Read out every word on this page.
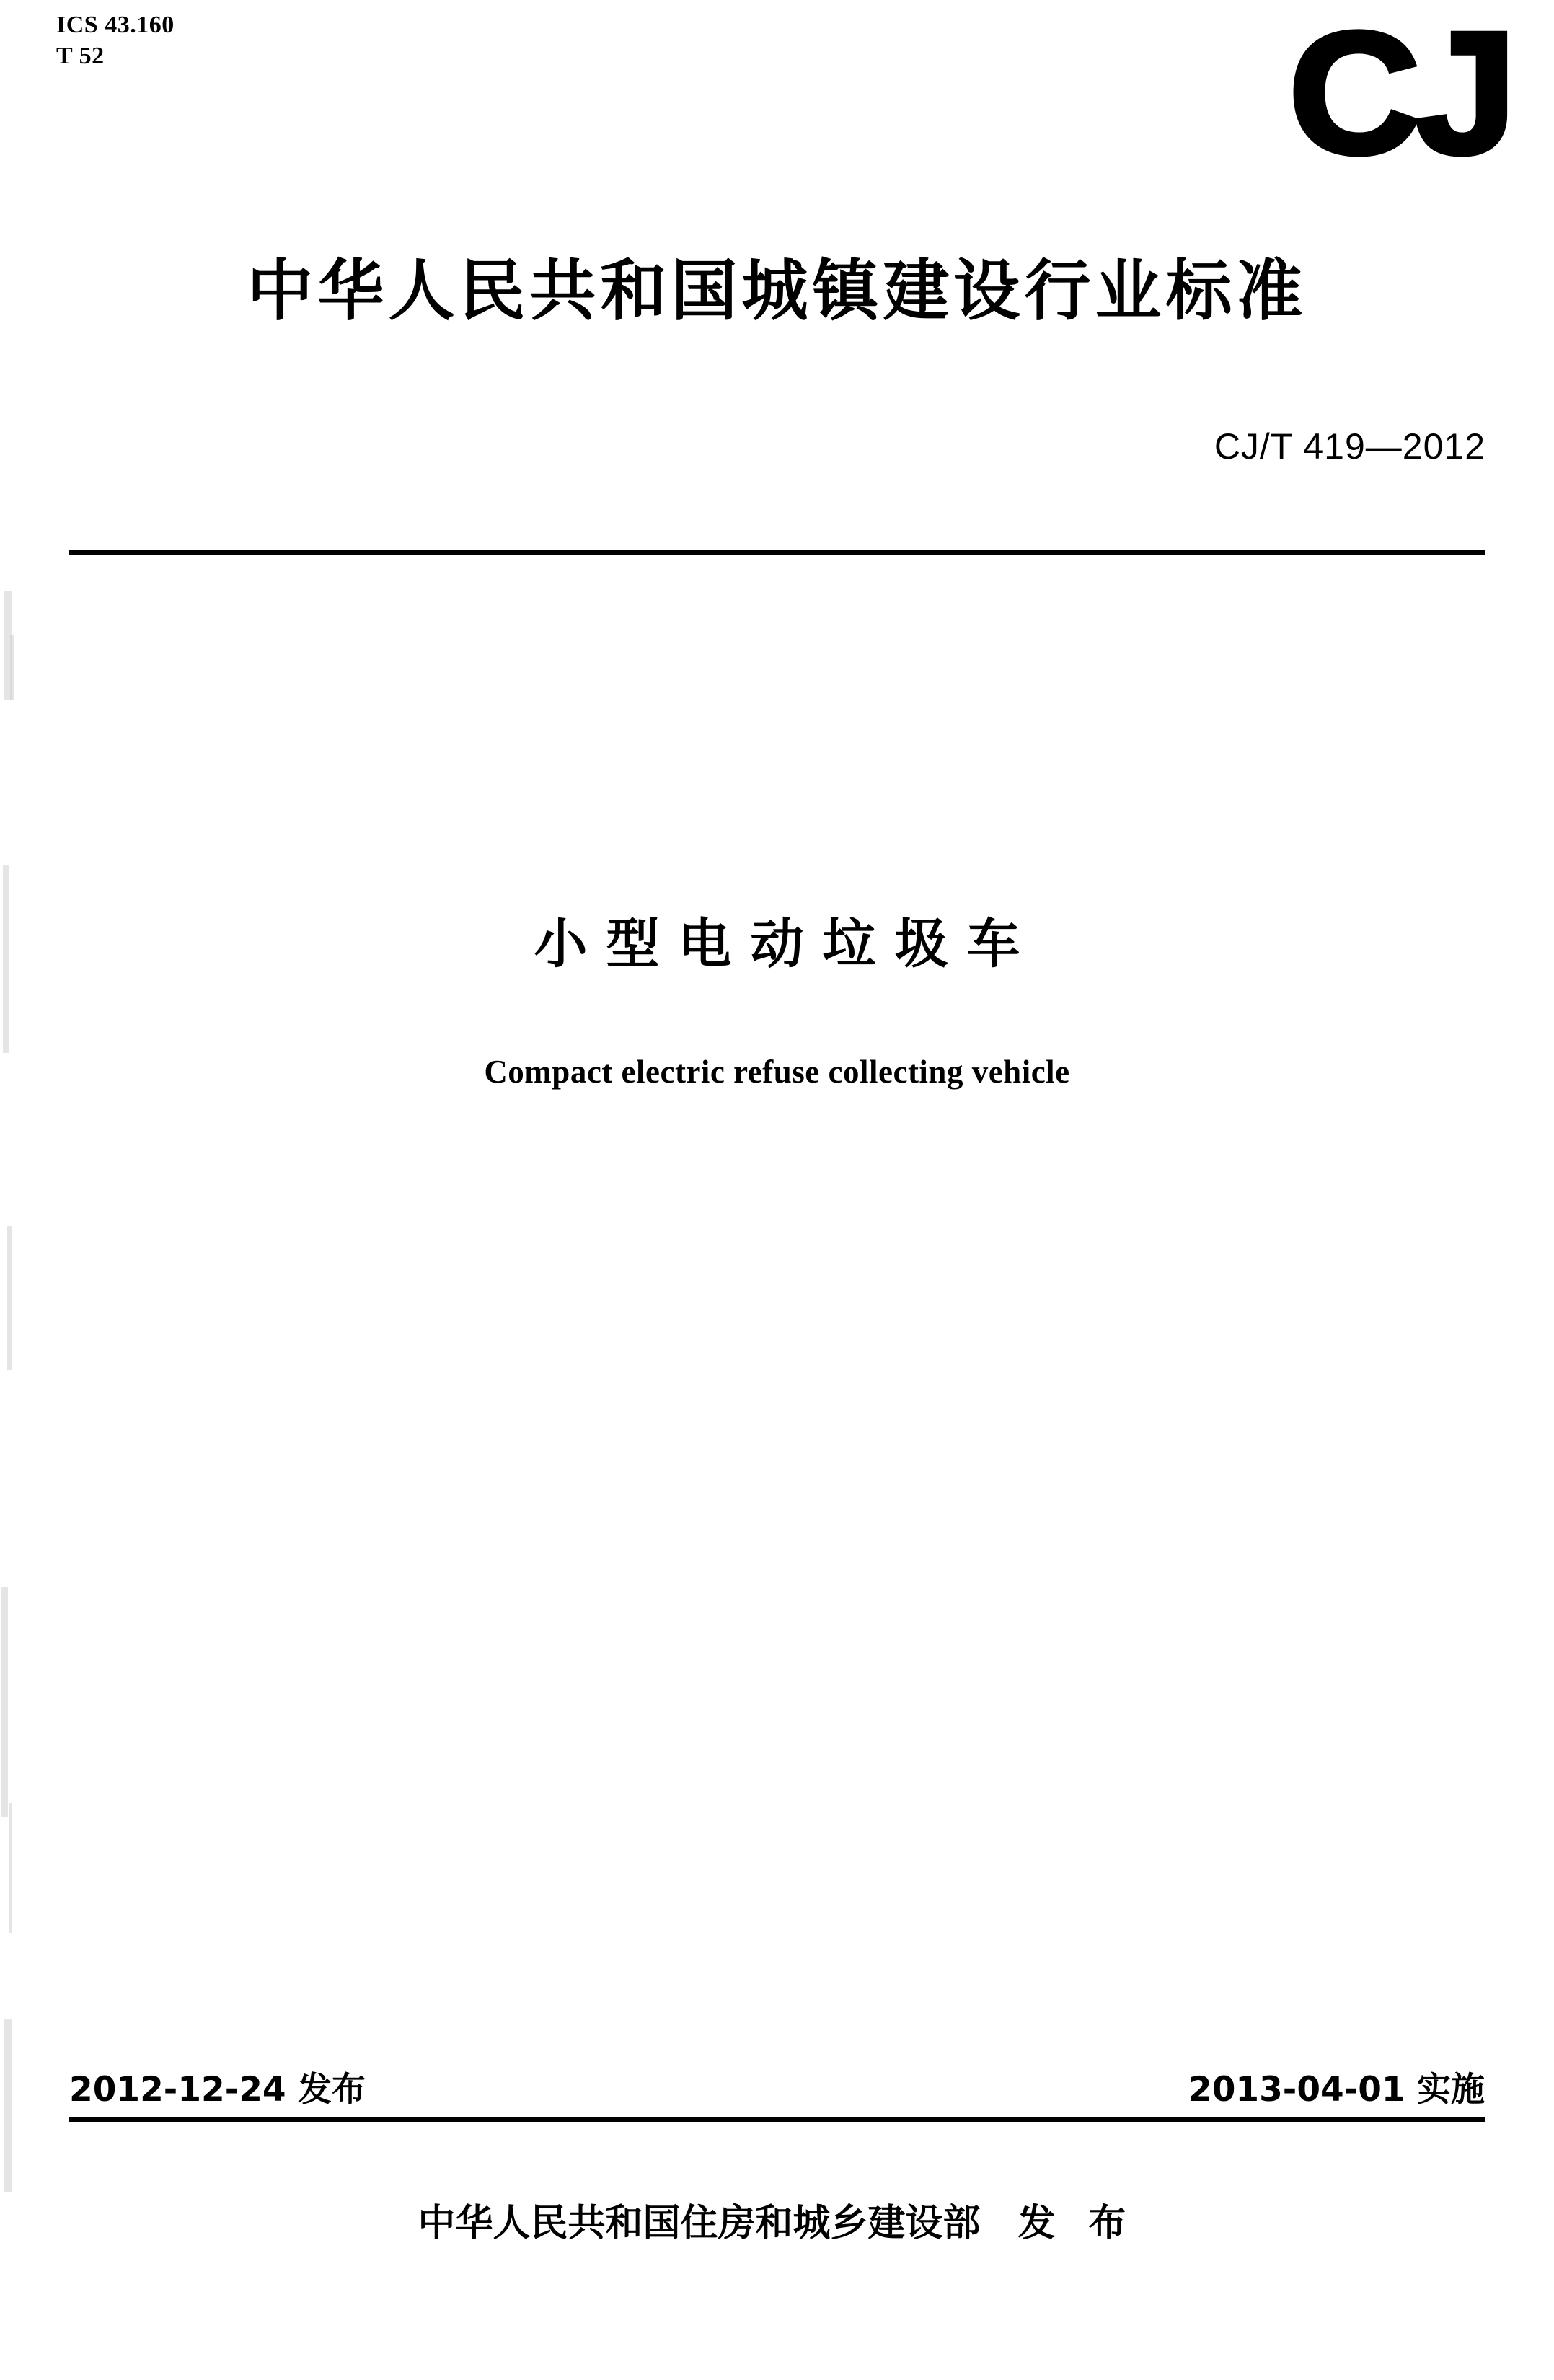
ICS 43.160
T 52	CJ
中华人民共和国城镇建设行业标准
CJ/T 419—2012
小型电动垃圾车
Compact electric refuse collecting vehicle
2012-12-24 发布	2013-04-01 实施
中华人民共和国住房和城乡建设部 发 布
